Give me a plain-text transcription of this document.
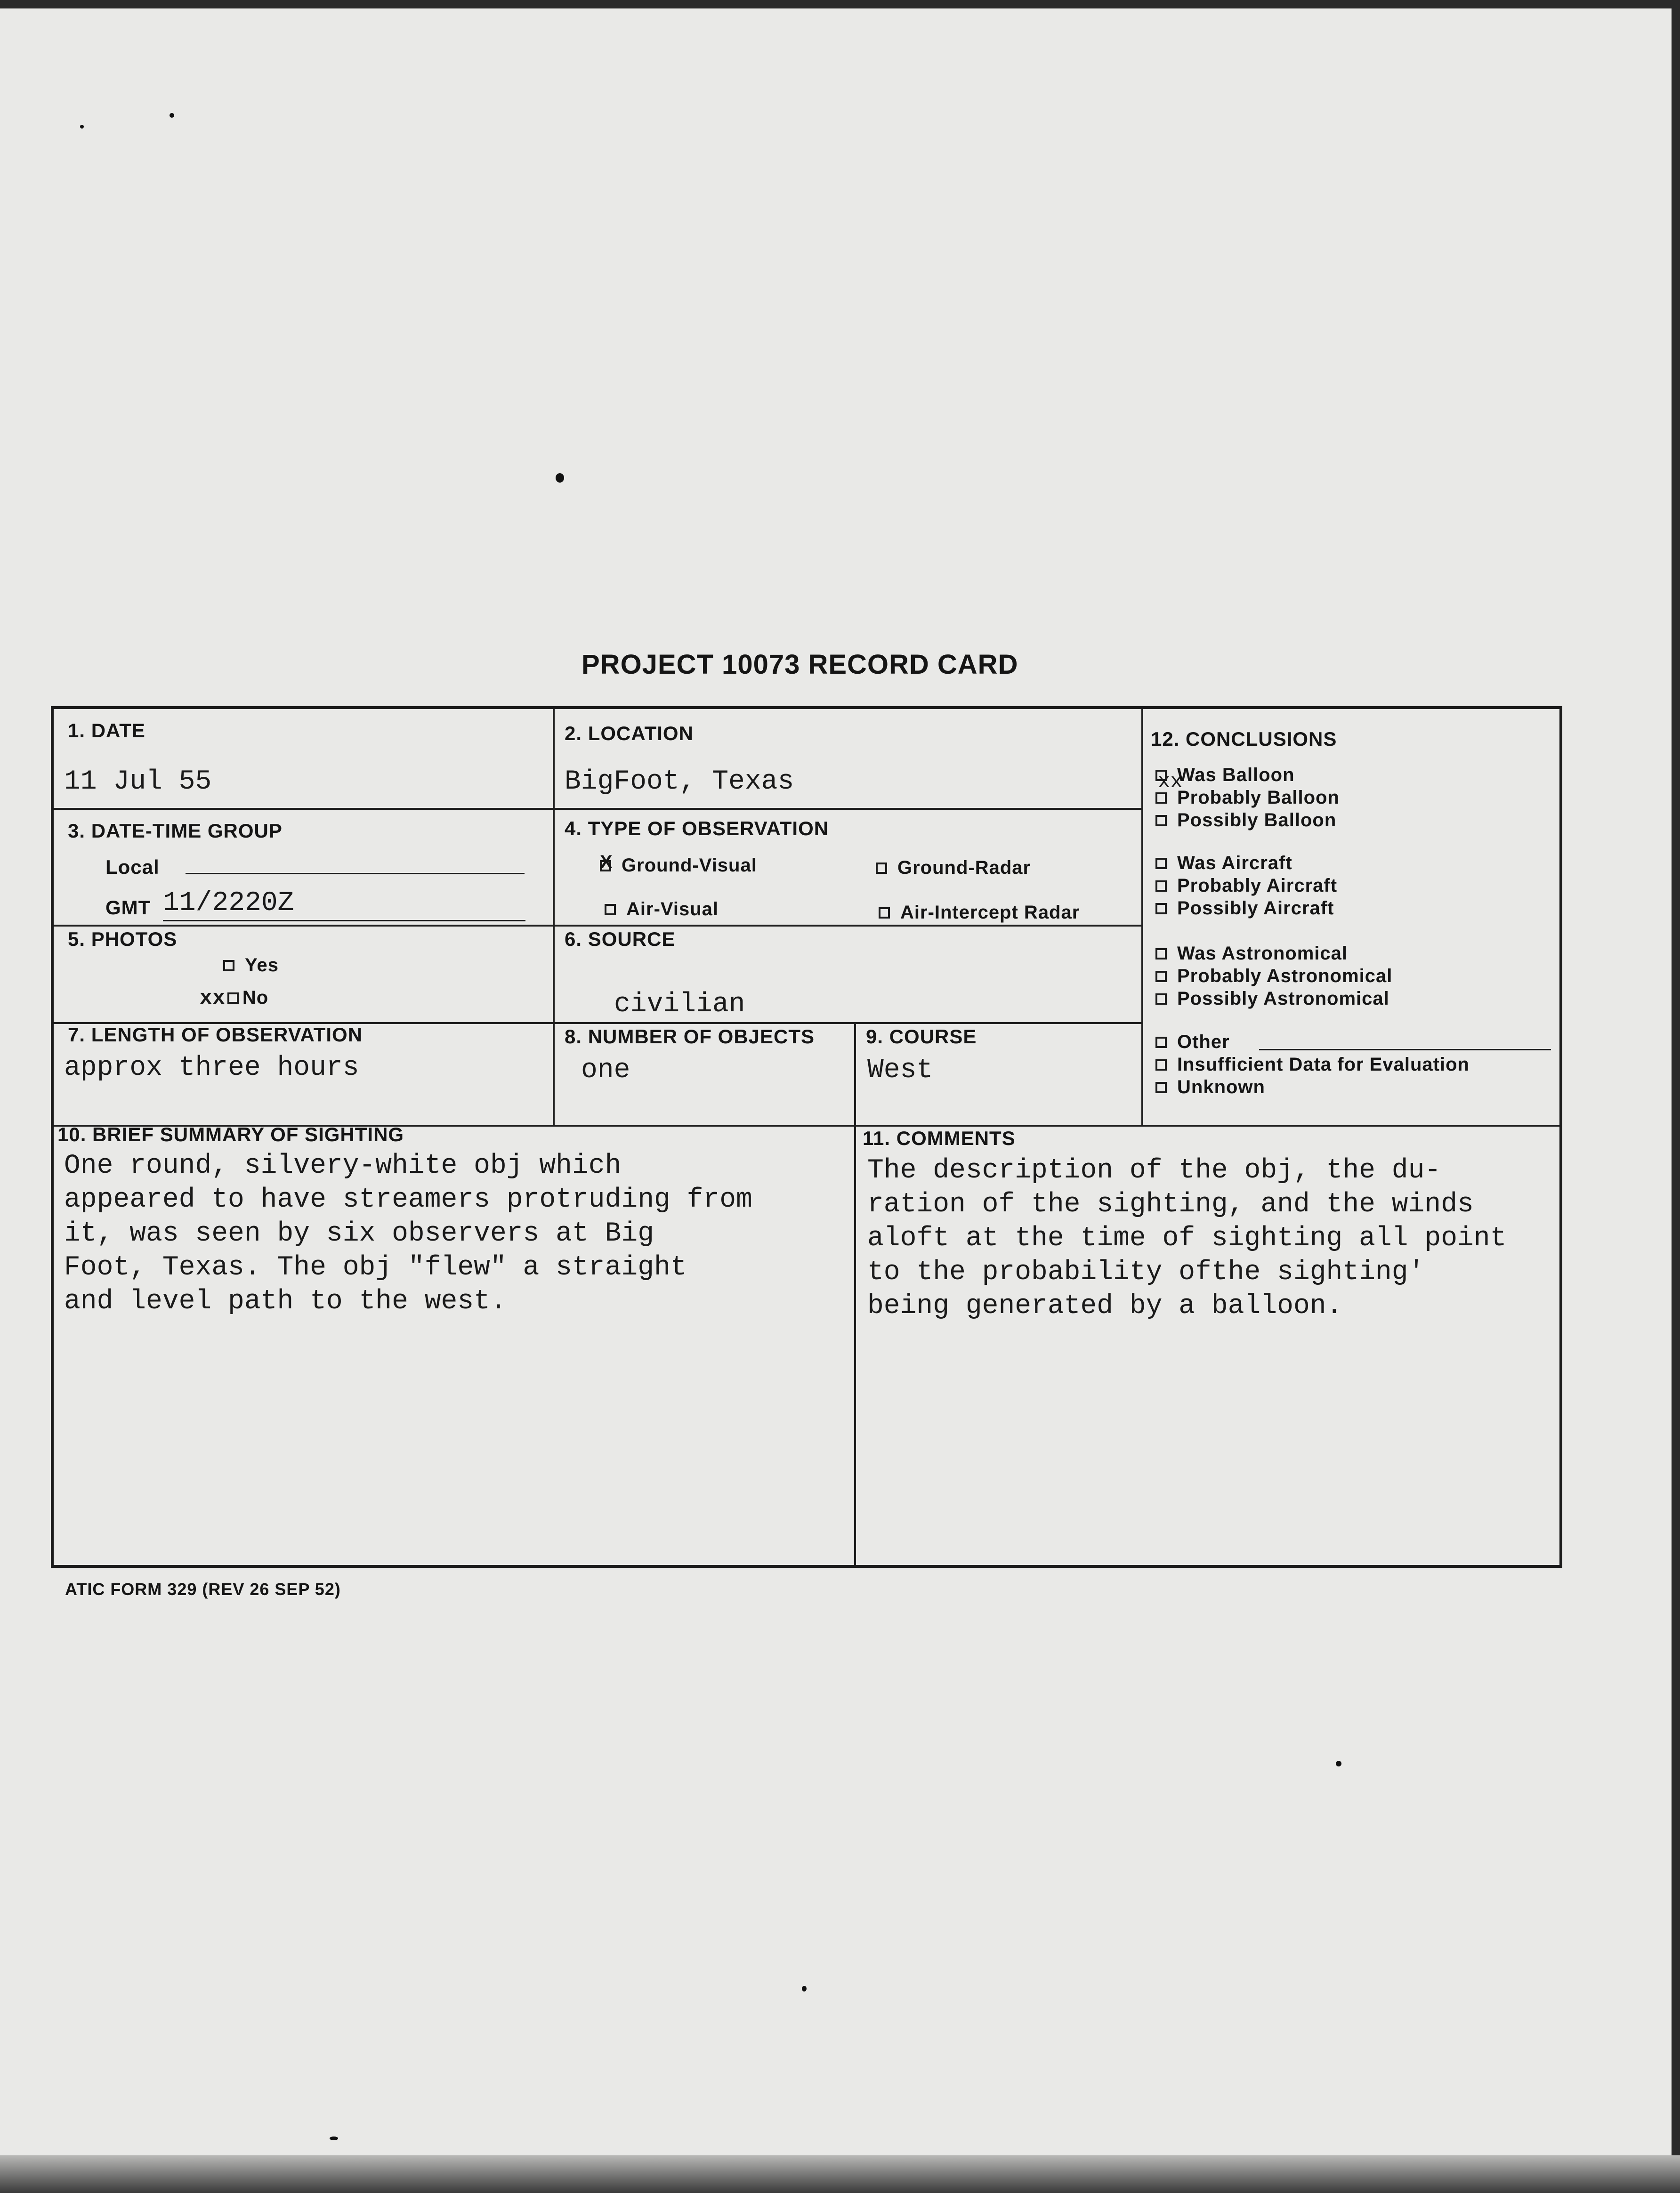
PROJECT 10073 RECORD CARD
1. DATE
11 Jul 55
2. LOCATION
BigFoot, Texas
3. DATE-TIME GROUP
Local
GMT 11/2220Z
4. TYPE OF OBSERVATION
X Ground-Visual	Ground-Radar
Air-Visual	Air-Intercept Radar
5. PHOTOS
Yes
xx No
6. SOURCE
civilian
7. LENGTH OF OBSERVATION
approx three hours
8. NUMBER OF OBJECTS
one
9. COURSE
West
12. CONCLUSIONS
xx
Was Balloon
Probably Balloon
Possibly Balloon
Was Aircraft
Probably Aircraft
Possibly Aircraft
Was Astronomical
Probably Astronomical
Possibly Astronomical
Other
Insufficient Data for Evaluation
Unknown
10. BRIEF SUMMARY OF SIGHTING
One round, silvery-white obj which
appeared to have streamers protruding from
it, was seen by six observers at Big
Foot, Texas. The obj "flew" a straight
and level path to the west.
11. COMMENTS
The description of the obj, the du-
ration of the sighting, and the winds
aloft at the time of sighting all point
to the probability ofthe sighting'
being generated by a balloon.
ATIC FORM 329 (REV 26 SEP 52)
